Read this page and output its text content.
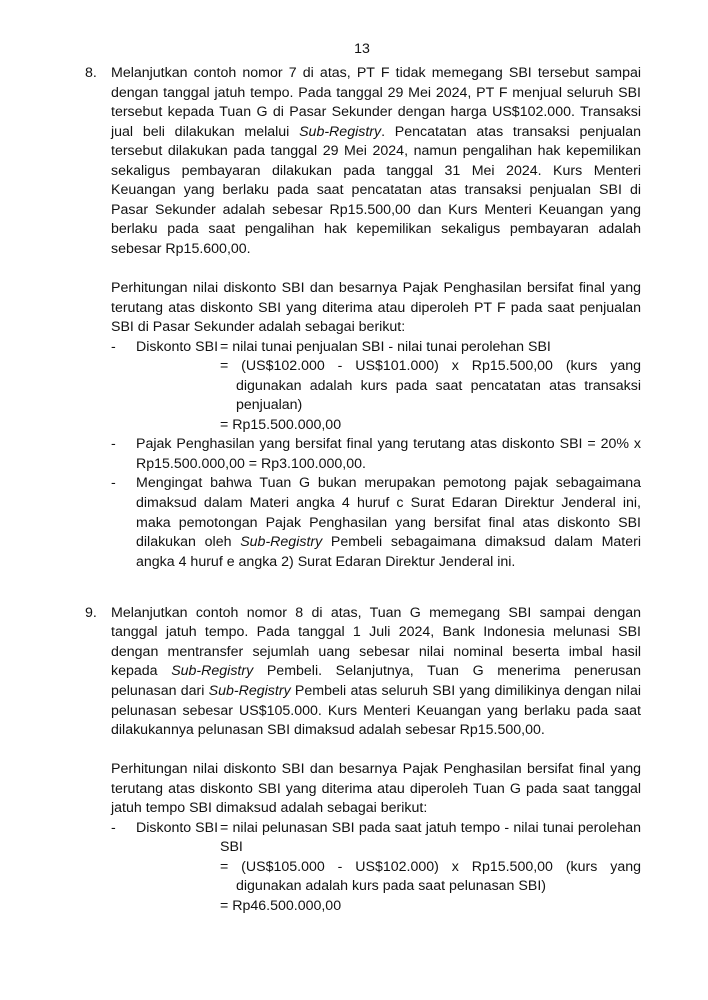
13
8. Melanjutkan contoh nomor 7 di atas, PT F tidak memegang SBI tersebut sampai dengan tanggal jatuh tempo. Pada tanggal 29 Mei 2024, PT F menjual seluruh SBI tersebut kepada Tuan G di Pasar Sekunder dengan harga US$102.000. Transaksi jual beli dilakukan melalui Sub-Registry. Pencatatan atas transaksi penjualan tersebut dilakukan pada tanggal 29 Mei 2024, namun pengalihan hak kepemilikan sekaligus pembayaran dilakukan pada tanggal 31 Mei 2024. Kurs Menteri Keuangan yang berlaku pada saat pencatatan atas transaksi penjualan SBI di Pasar Sekunder adalah sebesar Rp15.500,00 dan Kurs Menteri Keuangan yang berlaku pada saat pengalihan hak kepemilikan sekaligus pembayaran adalah sebesar Rp15.600,00.

Perhitungan nilai diskonto SBI dan besarnya Pajak Penghasilan bersifat final yang terutang atas diskonto SBI yang diterima atau diperoleh PT F pada saat penjualan SBI di Pasar Sekunder adalah sebagai berikut:

- Diskonto SBI = nilai tunai penjualan SBI - nilai tunai perolehan SBI
= (US$102.000 - US$101.000) x Rp15.500,00 (kurs yang digunakan adalah kurs pada saat pencatatan atas transaksi penjualan)
= Rp15.500.000,00
- Pajak Penghasilan yang bersifat final yang terutang atas diskonto SBI = 20% x Rp15.500.000,00 = Rp3.100.000,00.

- Mengingat bahwa Tuan G bukan merupakan pemotong pajak sebagaimana dimaksud dalam Materi angka 4 huruf c Surat Edaran Direktur Jenderal ini, maka pemotongan Pajak Penghasilan yang bersifat final atas diskonto SBI dilakukan oleh Sub-Registry Pembeli sebagaimana dimaksud dalam Materi angka 4 huruf e angka 2) Surat Edaran Direktur Jenderal ini.

9. Melanjutkan contoh nomor 8 di atas, Tuan G memegang SBI sampai dengan tanggal jatuh tempo. Pada tanggal 1 Juli 2024, Bank Indonesia melunasi SBI dengan mentransfer sejumlah uang sebesar nilai nominal beserta imbal hasil kepada Sub-Registry Pembeli. Selanjutnya, Tuan G menerima penerusan pelunasan dari Sub-Registry Pembeli atas seluruh SBI yang dimilikinya dengan nilai pelunasan sebesar US$105.000. Kurs Menteri Keuangan yang berlaku pada saat dilakukannya pelunasan SBI dimaksud adalah sebesar Rp15.500,00.

Perhitungan nilai diskonto SBI dan besarnya Pajak Penghasilan bersifat final yang terutang atas diskonto SBI yang diterima atau diperoleh Tuan G pada saat tanggal jatuh tempo SBI dimaksud adalah sebagai berikut:

- Diskonto SBI = nilai pelunasan SBI pada saat jatuh tempo - nilai tunai perolehan SBI
= (US$105.000 - US$102.000) x Rp15.500,00 (kurs yang digunakan adalah kurs pada saat pelunasan SBI)
= Rp46.500.000,00
